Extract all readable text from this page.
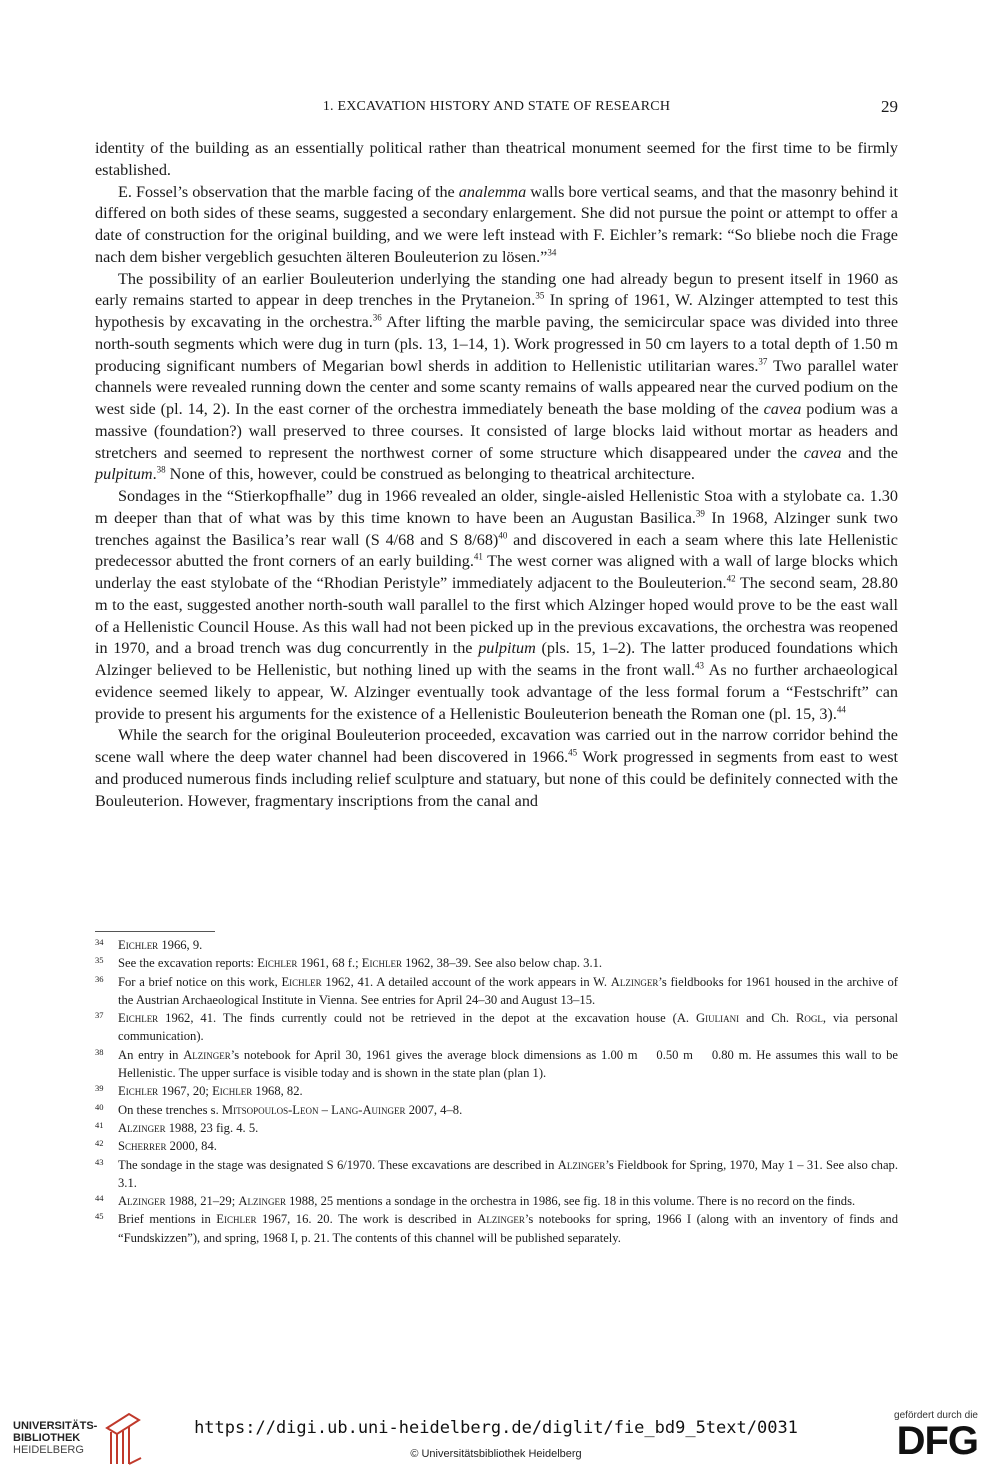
1. EXCAVATION HISTORY AND STATE OF RESEARCH	29

identity of the building as an essentially political rather than theatrical monument seemed for the first time to be firmly established.

E. Fossel’s observation that the marble facing of the analemma walls bore vertical seams, and that the masonry behind it differed on both sides of these seams, suggested a secondary enlargement. She did not pursue the point or attempt to offer a date of construction for the original building, and we were left instead with F. Eichler’s remark: “So bliebe noch die Frage nach dem bisher vergeblich gesuchten älteren Bouleuterion zu lösen.”$^{34}$

The possibility of an earlier Bouleuterion underlying the standing one had already begun to present itself in 1960 as early remains started to appear in deep trenches in the Prytaneion.$^{35}$ In spring of 1961, W. Alzinger attempted to test this hypothesis by excavating in the orchestra.$^{36}$ After lifting the marble paving, the semicircular space was divided into three north-south segments which were dug in turn (pls. 13, 1–14, 1). Work progressed in 50 cm layers to a total depth of 1.50 m producing significant numbers of Megarian bowl sherds in addition to Hellenistic utilitarian wares.$^{37}$ Two parallel water channels were revealed running down the center and some scanty remains of walls appeared near the curved podium on the west side (pl. 14, 2). In the east corner of the orchestra immediately beneath the base molding of the cavea podium was a massive (foundation?) wall preserved to three courses. It consisted of large blocks laid without mortar as headers and stretchers and seemed to represent the northwest corner of some structure which disappeared under the cavea and the pulpitum.$^{38}$ None of this, however, could be construed as belonging to theatrical architecture.

Sondages in the “Stierkopfhalle” dug in 1966 revealed an older, single-aisled Hellenistic Stoa with a stylobate ca. 1.30 m deeper than that of what was by this time known to have been an Augustan Basilica.$^{39}$ In 1968, Alzinger sunk two trenches against the Basilica’s rear wall (S 4/68 and S 8/68)$^{40}$ and discovered in each a seam where this late Hellenistic predecessor abutted the front corners of an early building.$^{41}$ The west corner was aligned with a wall of large blocks which underlay the east stylobate of the “Rhodian Peristyle” immediately adjacent to the Bouleuterion.$^{42}$ The second seam, 28.80 m to the east, suggested another north-south wall parallel to the first which Alzinger hoped would prove to be the east wall of a Hellenistic Council House. As this wall had not been picked up in the previous excavations, the orchestra was reopened in 1970, and a broad trench was dug concurrently in the pulpitum (pls. 15, 1–2). The latter produced foundations which Alzinger believed to be Hellenistic, but nothing lined up with the seams in the front wall.$^{43}$ As no further archaeological evidence seemed likely to appear, W. Alzinger eventually took advantage of the less formal forum a “Festschrift” can provide to present his arguments for the existence of a Hellenistic Bouleuterion beneath the Roman one (pl. 15, 3).$^{44}$

While the search for the original Bouleuterion proceeded, excavation was carried out in the narrow corridor behind the scene wall where the deep water channel had been discovered in 1966.45 Work progressed in segments from east to west and produced numerous finds including relief sculpture and statuary, but none of this could be definitely connected with the Bouleuterion. However, fragmentary inscriptions from the canal and

34 Eichler 1966, 9.
35 See the excavation reports: Eichler 1961, 68 f.; Eichler 1962, 38–39. See also below chap. 3.1.
36 For a brief notice on this work, Eichler 1962, 41. A detailed account of the work appears in W. Alzinger’s fieldbooks for 1961 housed in the archive of the Austrian Archaeological Institute in Vienna. See entries for April 24–30 and August 13–15.
37 Eichler 1962, 41. The finds currently could not be retrieved in the depot at the excavation house (A. Giuliani and Ch. Rogl, via personal communication).
38 An entry in Alzinger’s notebook for April 30, 1961 gives the average block dimensions as 1.00 m    0.50 m    0.80 m. He assumes this wall to be Hellenistic. The upper surface is visible today and is shown in the state plan (plan 1).
39 Eichler 1967, 20; Eichler 1968, 82.
40 On these trenches s. Mitsopoulos-Leon – Lang-Auinger 2007, 4–8.
41 Alzinger 1988, 23 fig. 4. 5.
42 Scherrer 2000, 84.
43 The sondage in the stage was designated S 6/1970. These excavations are described in Alzinger’s Fieldbook for Spring, 1970, May 1 – 31. See also chap. 3.1.
44 Alzinger 1988, 21–29; Alzinger 1988, 25 mentions a sondage in the orchestra in 1986, see fig. 18 in this volume. There is no record on the finds.
45 Brief mentions in Eichler 1967, 16. 20. The work is described in Alzinger’s notebooks for spring, 1966 I (along with an inventory of finds and “Fundskizzen”), and spring, 1968 I, p. 21. The contents of this channel will be published separately.
UNIVERSITÄTS-
BIBLIOTHEK
HEIDELBERG
https://digi.ub.uni-heidelberg.de/diglit/fie_bd9_5text/0031
© Universitätsbibliothek Heidelberg
gefördert durch die
DFG
